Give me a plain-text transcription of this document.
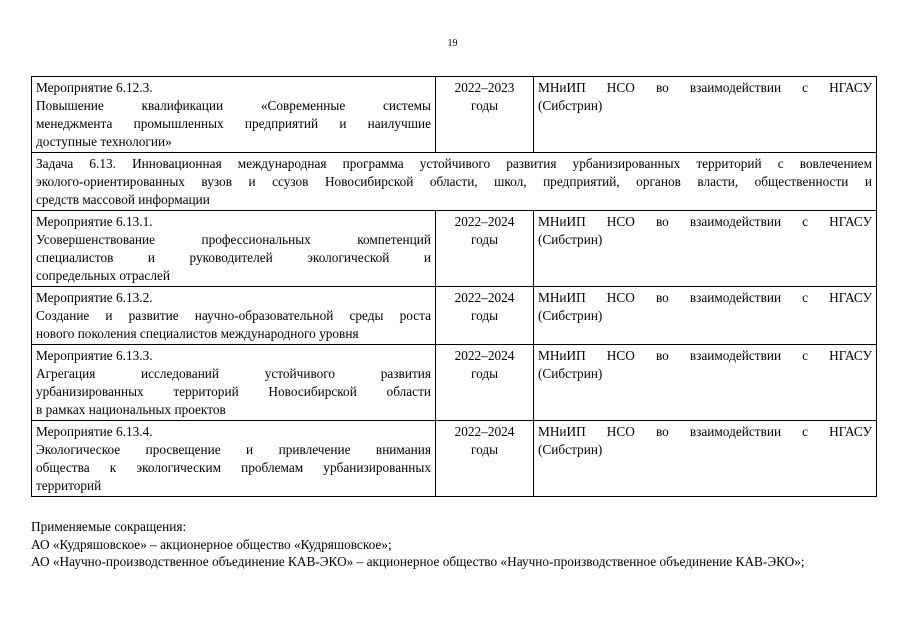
19
Мероприятие 6.12.3.
Повышение квалификации «Современные системы
менеджмента промышленных предприятий и наилучшие
доступные технологии»	2022–2023
годы	МНиИП НСО во взаимодействии с НГАСУ
(Сибстрин)

Задача 6.13. Инновационная международная программа устойчивого развития урбанизированных территорий с вовлечением
эколого-ориентированных вузов и ссузов Новосибирской области, школ, предприятий, органов власти, общественности и
средств массовой информации		

Мероприятие 6.13.1.
Усовершенствование профессиональных компетенций
специалистов и руководителей экологической и
сопредельных отраслей	2022–2024
годы	МНиИП НСО во взаимодействии с НГАСУ
(Сибстрин)

Мероприятие 6.13.2.
Создание и развитие научно-образовательной среды роста
нового поколения специалистов международного уровня	2022–2024
годы	МНиИП НСО во взаимодействии с НГАСУ
(Сибстрин)

Мероприятие 6.13.3.
Агрегация исследований устойчивого развития
урбанизированных территорий Новосибирской области
в рамках национальных проектов	2022–2024
годы	МНиИП НСО во взаимодействии с НГАСУ
(Сибстрин)

Мероприятие 6.13.4.
Экологическое просвещение и привлечение внимания
общества к экологическим проблемам урбанизированных
территорий	2022–2024
годы	МНиИП НСО во взаимодействии с НГАСУ
(Сибстрин)
Применяемые сокращения:
АО «Кудряшовское» – акционерное общество «Кудряшовское»;
АО «Научно-производственное объединение КАВ-ЭКО» – акционерное общество «Научно-производственное объединение КАВ-ЭКО»;
